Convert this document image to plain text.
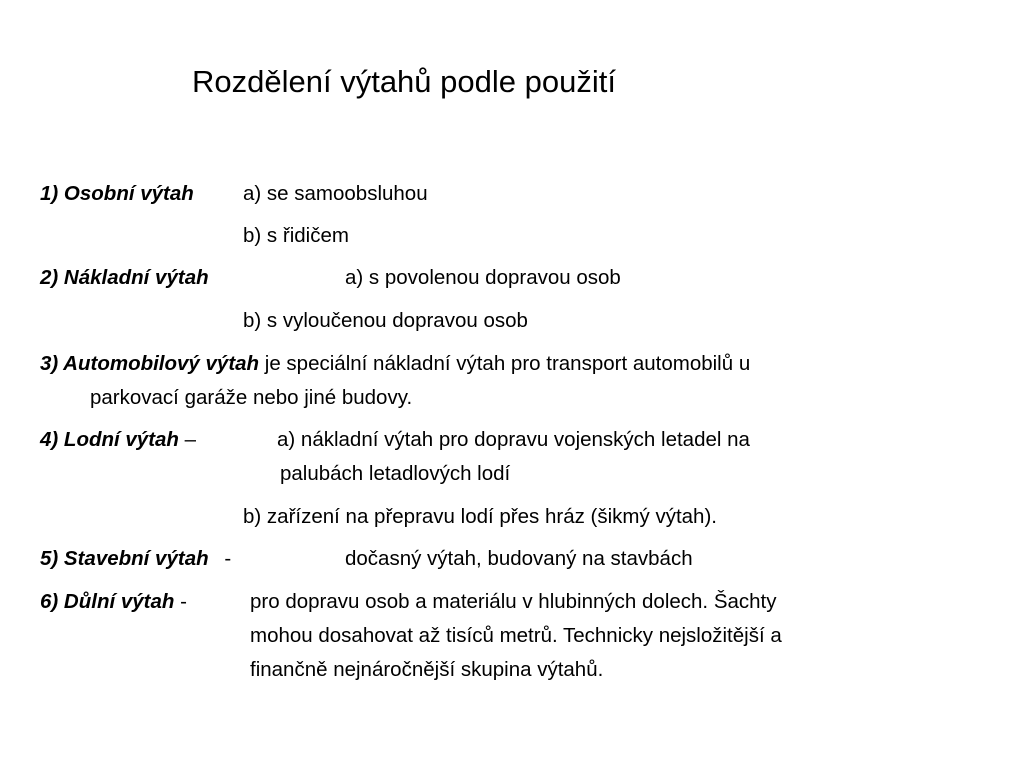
Rozdělení výtahů podle použití
1) Osobní výtah a) se samoobsluhou
b) s řidičem
2) Nákladní výtah	a) s povolenou dopravou osob
b) s vyloučenou dopravou osob
3) Automobilový výtah je speciální nákladní výtah pro transport automobilů u
parkovací garáže nebo jiné budovy.
4) Lodní výtah –	a) nákladní výtah pro dopravu vojenských letadel na
palubách letadlových lodí
b) zařízení na přepravu lodí přes hráz (šikmý výtah).
5) Stavební výtah -	dočasný výtah, budovaný na stavbách
6) Důlní výtah -	pro dopravu osob a materiálu v hlubinných dolech. Šachty
mohou dosahovat až tisíců metrů. Technicky nejsložitější a
finančně nejnáročnější skupina výtahů.
